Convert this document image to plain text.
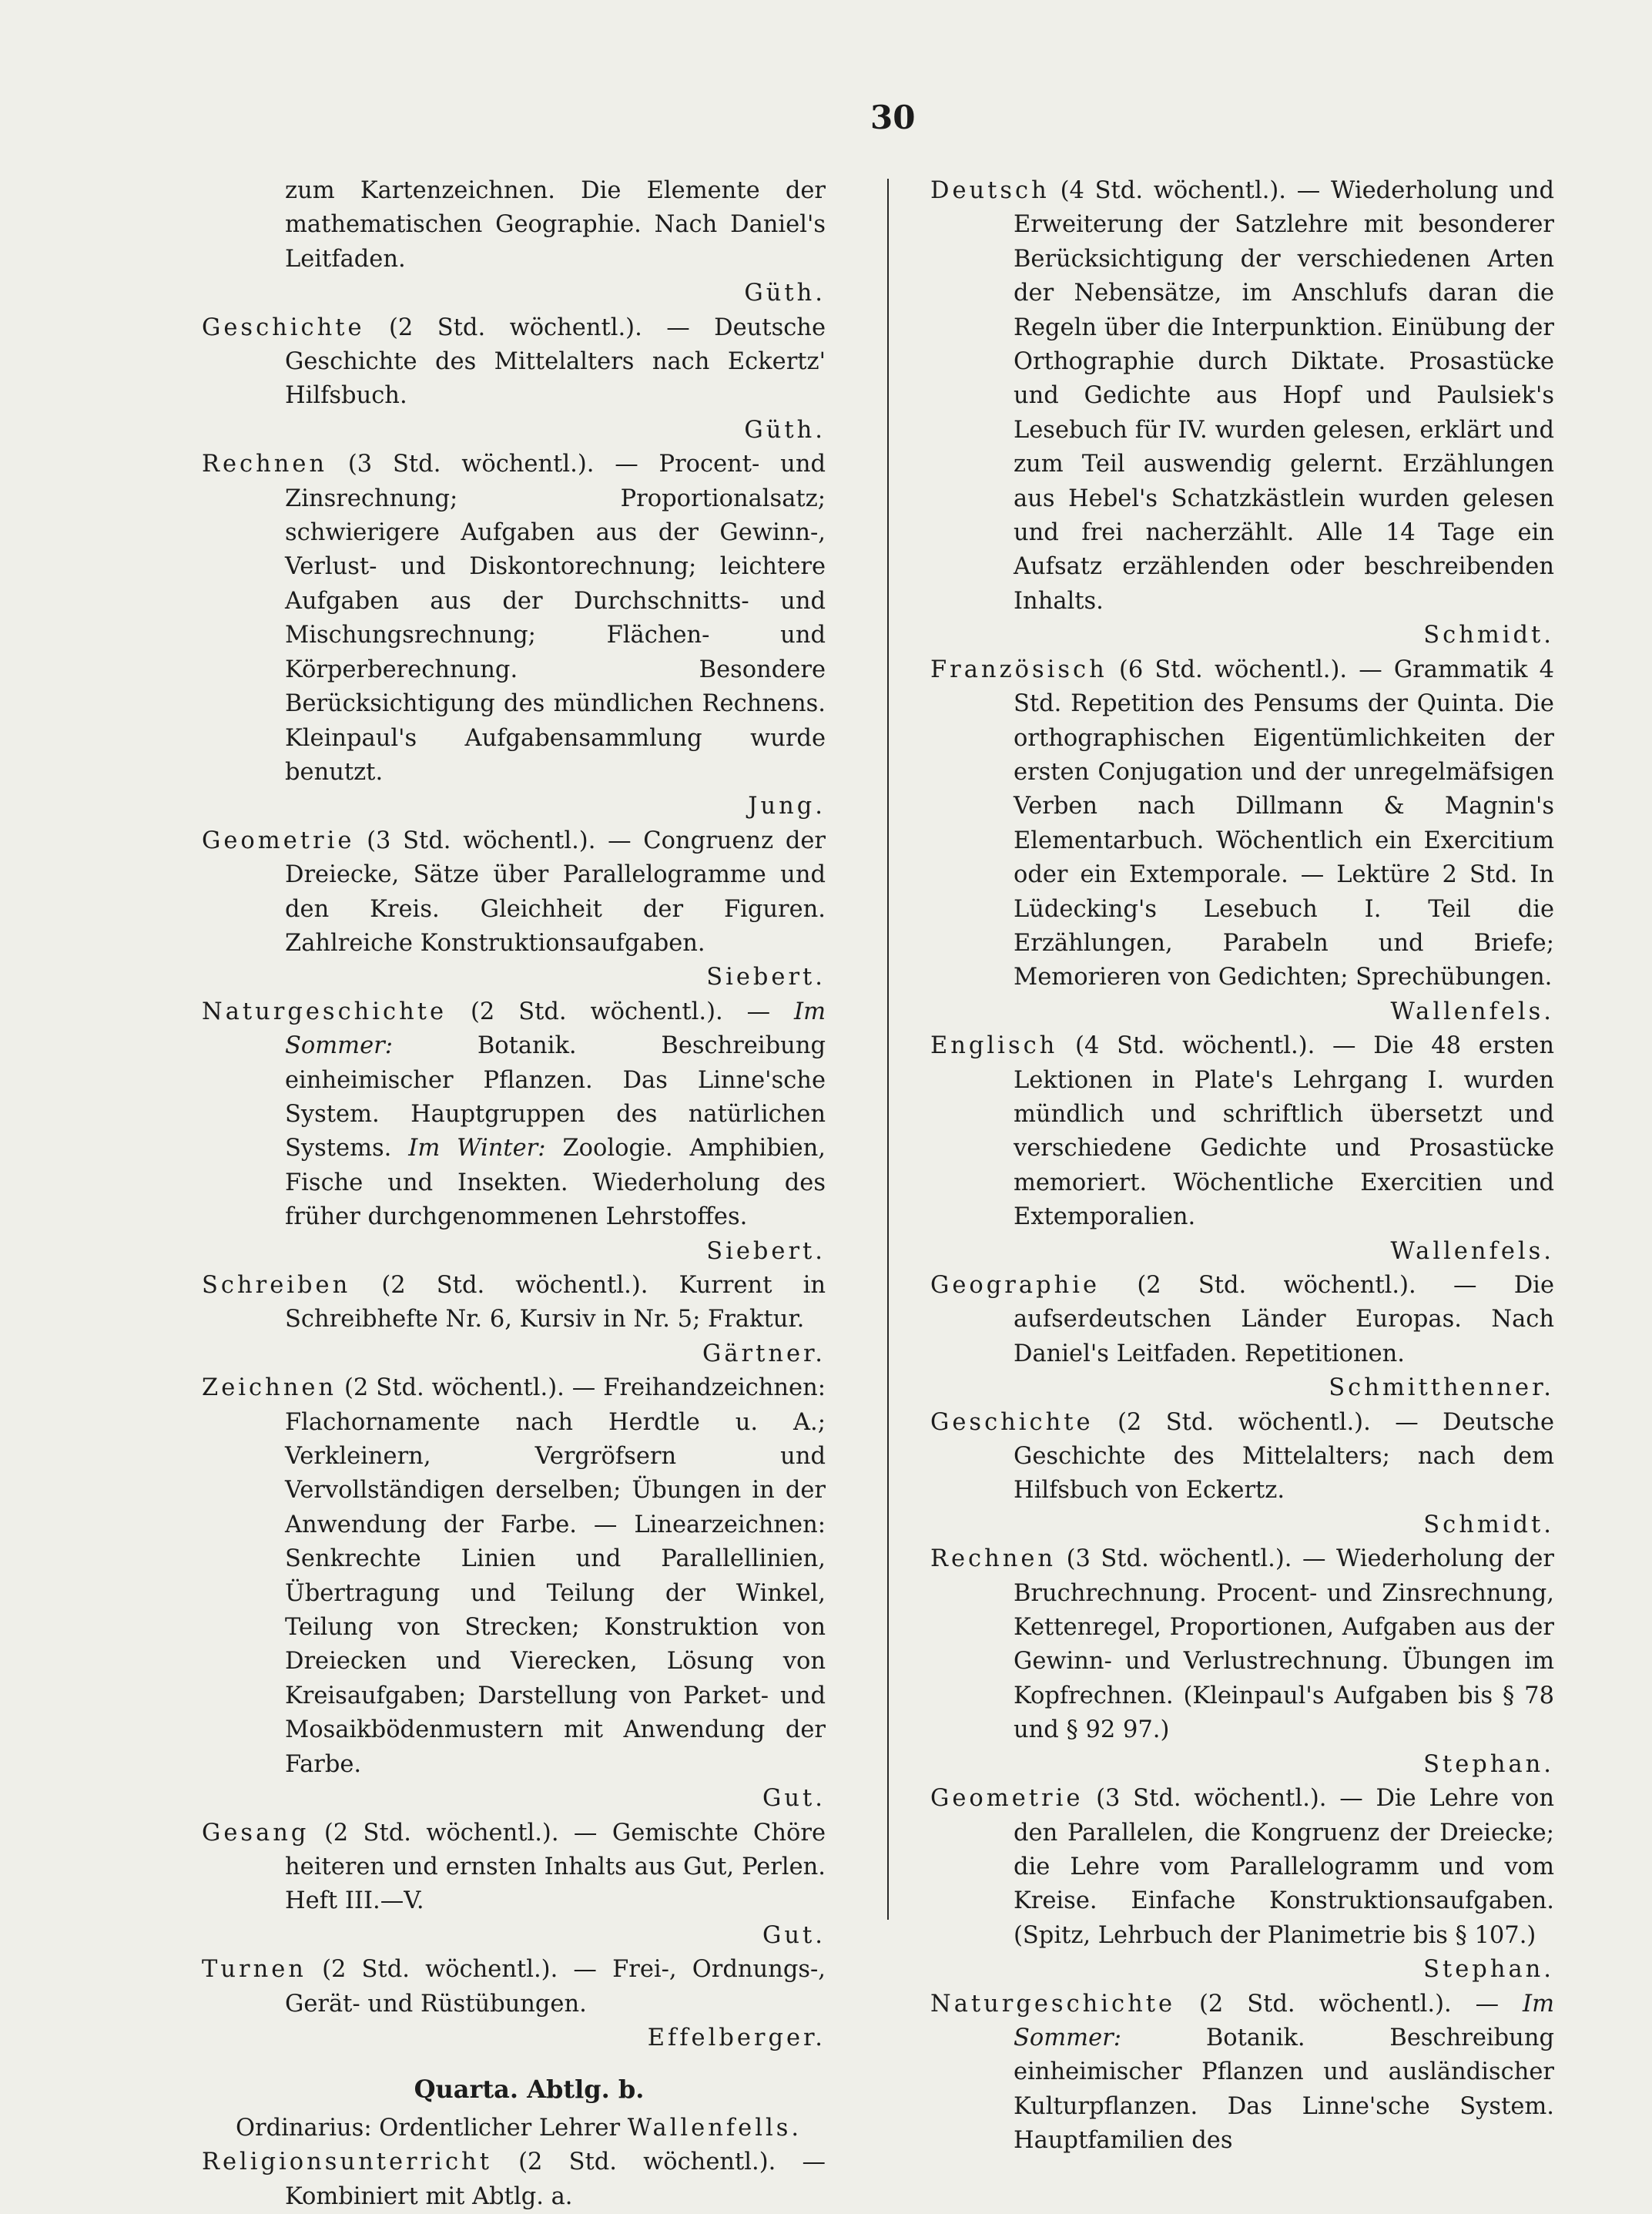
30

zum Kartenzeichnen. Die Elemente der mathematischen Geographie. Nach Daniel's Leitfaden.
Güth.

Geschichte (2 Std. wöchentl.). — Deutsche Geschichte des Mittelalters nach Eckertz' Hilfsbuch.
Güth.

Rechnen (3 Std. wöchentl.). — Procent- und Zinsrechnung; Proportionalsatz; schwierigere Aufgaben aus der Gewinn-, Verlust- und Diskontorechnung; leichtere Aufgaben aus der Durchschnitts- und Mischungsrechnung; Flächen- und Körperberechnung. Besondere Berücksichtigung des mündlichen Rechnens. Kleinpaul's Aufgabensammlung wurde benutzt.
Jung.

Geometrie (3 Std. wöchentl.). — Congruenz der Dreiecke, Sätze über Parallelogramme und den Kreis. Gleichheit der Figuren. Zahlreiche Konstruktionsaufgaben.
Siebert.

Naturgeschichte (2 Std. wöchentl.). — Im Sommer:	Botanik. Beschreibung einheimischer Pflanzen. Das Linne'sche System. Hauptgruppen des natürlichen Systems. Im Winter: Zoologie. Amphibien, Fische und Insekten. Wiederholung des früher durchgenommenen Lehrstoffes.
Siebert.

Schreiben (2 Std. wöchentl.). Kurrent in Schreibhefte Nr. 6, Kursiv in Nr. 5; Fraktur.
Gärtner.

Zeichnen (2 Std. wöchentl.). — Freihandzeichnen: Flachornamente nach Herdtle u. A.; Verkleinern, Vergröfsern und Vervollständigen derselben; Übungen in der Anwendung der Farbe. — Linearzeichnen: Senkrechte Linien und Parallellinien, Übertragung und Teilung der Winkel, Teilung von Strecken; Konstruktion von Dreiecken und Vierecken, Lösung von Kreisaufgaben; Darstellung von Parket- und Mosaikbödenmustern mit Anwendung der Farbe.
Gut.

Gesang (2 Std. wöchentl.). — Gemischte Chöre heiteren und ernsten Inhalts aus Gut, Perlen. Heft III.—V.
Gut.

Turnen (2 Std. wöchentl.). — Frei-, Ordnungs-, Gerät- und Rüstübungen.
Effelberger.

Quarta. Abtlg. b.

Ordinarius: Ordentlicher Lehrer Wallenfells.

Religionsunterricht (2 Std. wöchentl.). — Kombiniert mit Abtlg. a.

Deutsch (4 Std. wöchentl.). — Wiederholung und Erweiterung der Satzlehre mit besonderer Berücksichtigung der verschiedenen Arten der Nebensätze, im Anschlufs daran die Regeln über die Interpunktion. Einübung der Orthographie durch Diktate. Prosastücke und Gedichte aus Hopf und Paulsiek's Lesebuch für IV. wurden gelesen, erklärt und zum Teil auswendig gelernt. Erzählungen aus Hebel's Schatzkästlein wurden gelesen und frei nacherzählt. Alle 14 Tage ein Aufsatz erzählenden oder beschreibenden Inhalts.
Schmidt.

Französisch (6 Std. wöchentl.). — Grammatik 4 Std. Repetition des Pensums der Quinta. Die orthographischen Eigentümlichkeiten der ersten Conjugation und der unregelmäfsigen Verben nach Dillmann & Magnin's Elementarbuch. Wöchentlich ein Exercitium oder ein Extemporale. — Lektüre 2 Std. In Lüdecking's Lesebuch I. Teil die Erzählungen, Parabeln und Briefe; Memorieren von Gedichten; Sprechübungen.
Wallenfels.

Englisch (4 Std. wöchentl.). — Die 48 ersten Lektionen in Plate's Lehrgang I. wurden mündlich und schriftlich übersetzt und verschiedene Gedichte und Prosastücke memoriert. Wöchentliche Exercitien und Extemporalien.
Wallenfels.

Geographie (2 Std. wöchentl.). — Die aufserdeutschen Länder Europas. Nach Daniel's Leitfaden. Repetitionen.
Schmitthenner.

Geschichte (2 Std. wöchentl.). — Deutsche Geschichte des Mittelalters; nach dem Hilfsbuch von Eckertz.
Schmidt.

Rechnen (3 Std. wöchentl.). — Wiederholung der Bruchrechnung. Procent- und Zinsrechnung, Kettenregel, Proportionen, Aufgaben aus der Gewinn- und Verlustrechnung. Übungen im Kopfrechnen. (Kleinpaul's Aufgaben bis § 78 und § 92 97.)
Stephan.

Geometrie (3 Std. wöchentl.). — Die Lehre von den Parallelen, die Kongruenz der Dreiecke; die Lehre vom Parallelogramm und vom Kreise. Einfache Konstruktionsaufgaben. (Spitz, Lehrbuch der Planimetrie bis § 107.)
Stephan.

Naturgeschichte (2 Std. wöchentl.). — Im Sommer:	Botanik. Beschreibung einheimischer Pflanzen und ausländischer Kulturpflanzen. Das Linne'sche System. Hauptfamilien des
